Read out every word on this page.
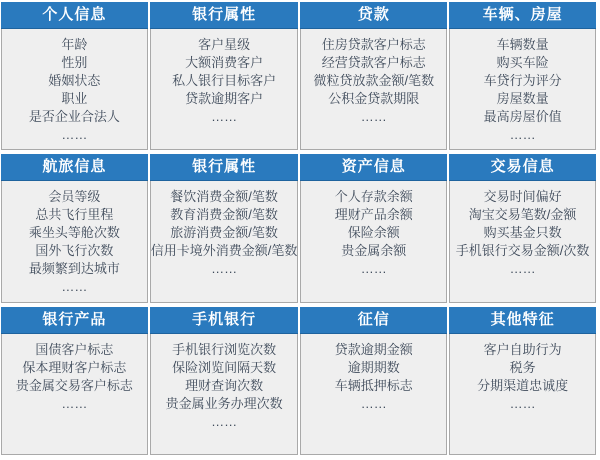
个人信息
年龄
性别
婚姻状态
职业
是否企业合法人
……
银行属性
客户星级
大额消费客户
私人银行目标客户
贷款逾期客户
……
贷款
住房贷款客户标志
经营贷款客户标志
微粒贷放款金额/笔数
公积金贷款期限
……
车辆、房屋
车辆数量
购买车险
车贷行为评分
房屋数量
最高房屋价值
……
航旅信息
会员等级
总共飞行里程
乘坐头等舱次数
国外飞行次数
最频繁到达城市
……
银行属性
餐饮消费金额/笔数
教育消费金额/笔数
旅游消费金额/笔数
信用卡境外消费金额/笔数
……
资产信息
个人存款余额
理财产品余额
保险余额
贵金属余额
……
交易信息
交易时间偏好
淘宝交易笔数/金额
购买基金只数
手机银行交易金额/次数
……
银行产品
国债客户标志
保本理财客户标志
贵金属交易客户标志
……
手机银行
手机银行浏览次数
保险浏览间隔天数
理财查询次数
贵金属业务办理次数
……
征信
贷款逾期金额
逾期期数
车辆抵押标志
……
其他特征
客户自助行为
税务
分期渠道忠诚度
……
